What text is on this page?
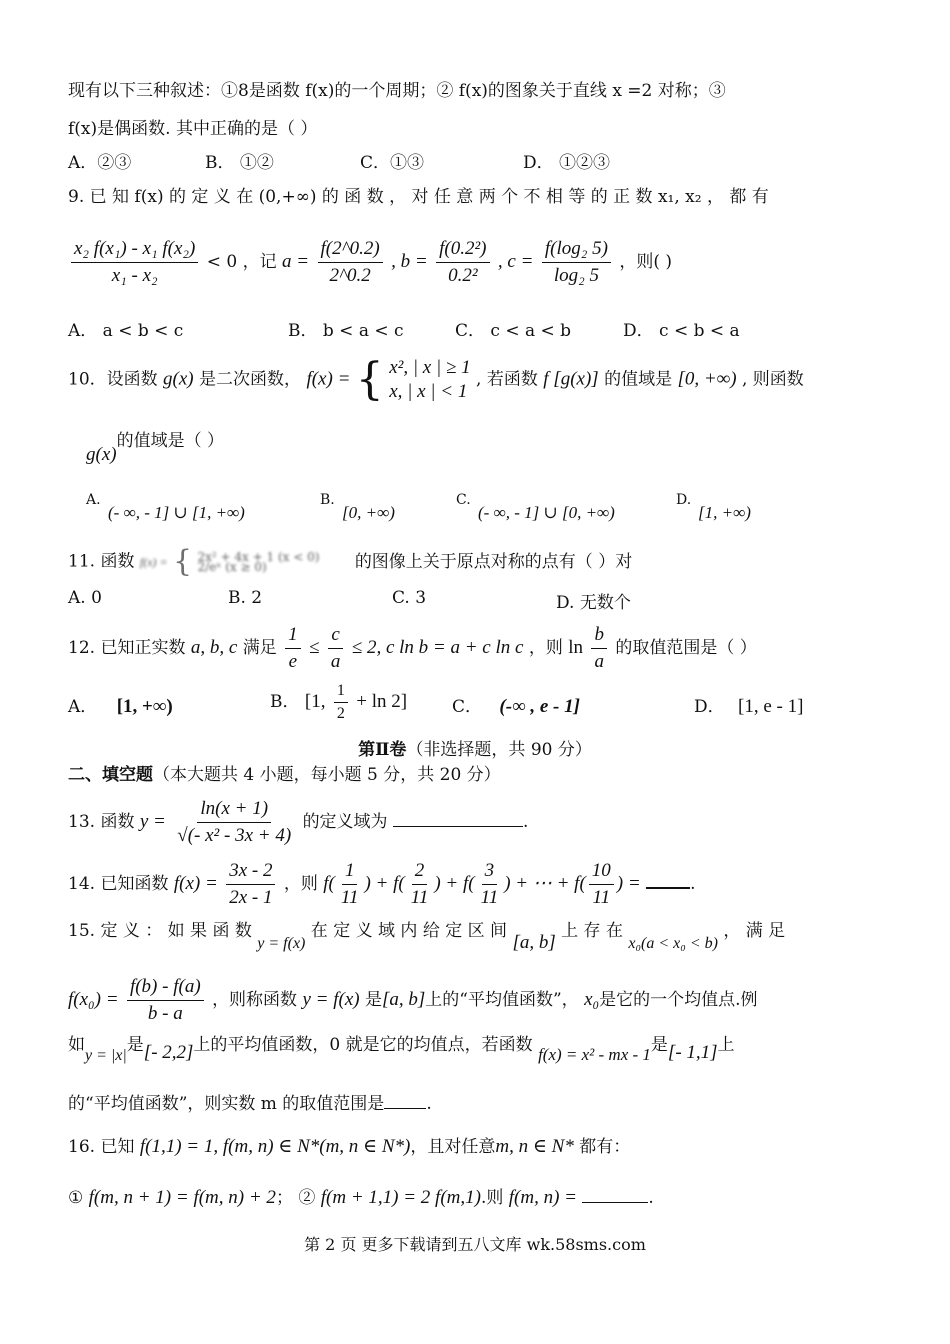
现有以下三种叙述：①8是函数 f(x)的一个周期；② f(x)的图象关于直线 x =2 对称；③
f(x)是偶函数. 其中正确的是（ ）
A．②③	B． ①②	C．①③	D． ①②③
9. 已 知 f(x) 的 定 义 在 (0,+∞) 的 函 数 ， 对 任 意 两 个 不 相 等 的 正 数 x₁, x₂ ， 都 有
$\frac{\text{x₂ f(x₁) - x₁ f(x₂)}}{\text{x₁ - x₂}} < 0$ ，记 $a = \frac{f(2\^{}0.2)}{2\^{}0.2}$ , $b = \frac{\text{f(0.2²)}}{\text{0.2²}}$ , $c = \frac{\text{f(log₂ 5)}}{\text{log₂ 5}}$ ，则( )
A． a < b < c	B． b < a < c	C． c < a < b	D． c < b < a
10．设函数 g(x) 是二次函数， f(x) = { x², | x | ≥ 1
x, | x | < 1
, 若函数 f [g(x)] 的值域是 [0, +∞) , 则函数
g(x)的值域是（ ）
A.
(- ∞, - 1] ∪ [1, +∞)
B.
[0, +∞)
C.
(- ∞, - 1] ∪ [0, +∞)
D.
[1, +∞)
11. 函数 f(x) = { 2x² + 4x + 1 (x < 0)
2/eˣ (x ≥ 0)	的图像上关于原点对称的点有（ ）对
A. 0	B. 2	C. 3	D. 无数个
12. 已知正实数 a, b, c 满足 $\frac{1}{e} \le \frac{c}{a} \le 2$, c ln b = a + c ln c ，则 $\ln \frac{b}{a}$ 的取值范围是（ ）
A． [1, +∞)	B． [1, $\frac{1}{2} + \ln 2$]	C． (-∞ , e - 1]	D． [1, e - 1]
第Ⅱ卷（非选择题，共 90 分）
二、填空题（本大题共 4 小题，每小题 5 分，共 20 分）
13. 函数 $y = \frac{\ln(x + 1)}{\text{√(- x² - 3x + 4)}}$ 的定义域为	.
14. 已知函数 $f(x) = \frac{3x - 2}{2x - 1}$ ，则 $f( \frac{1}{11}$ ) + $f( \frac{2}{11}$ ) + $f( \frac{3}{11}$ ) + ⋯ + $f( \frac{10}{11}$ ) =	.
15. 定 义 ： 如 果 函 数 y = f(x) 在 定 义 域 内 给 定 区 间 [a, b] 上 存 在 x₀(a < x₀ < b) ， 满 足
$f(x_0) = \frac{f(b) - f(a)}{b - a}$ ，则称函数 y = f(x) 是[a, b]上的“平均值函数”， x₀是它的一个均值点.例
如y = |x|是[- 2,2]上的平均值函数，0 就是它的均值点，若函数 f(x) = x² - mx - 1是[- 1,1]上
的“平均值函数”，则实数 m 的取值范围是 .
16. 已知 f(1,1) = 1, f(m, n) ∈ N*(m, n ∈ N*)，且对任意m, n ∈ N* 都有：
① f(m, n + 1) = f(m, n) + 2； ② f(m + 1,1) = 2 f(m,1).则 f(m, n) =	.
第 2 页 更多下载请到五八文库 wk.58sms.com
